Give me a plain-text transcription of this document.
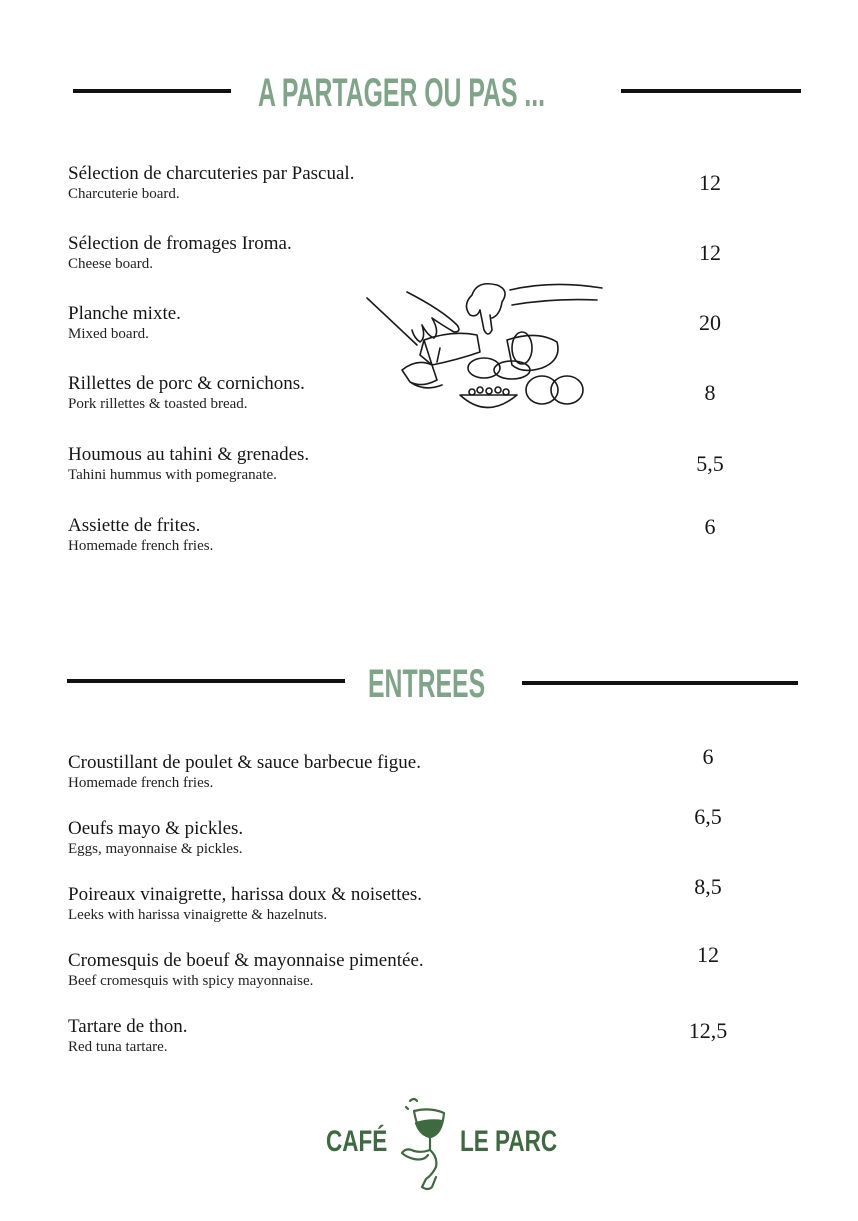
A PARTAGER OU PAS ...
Sélection de charcuteries par Pascual.
Charcuterie board.	12
Sélection de fromages Iroma.
Cheese board.	12
Planche mixte.
Mixed board.	20
Rillettes de porc & cornichons.
Pork rillettes & toasted bread.	8
Houmous au tahini & grenades.
Tahini hummus with pomegranate.	5,5
Assiette de frites.
Homemade french fries.
6
ENTREES
Croustillant de poulet & sauce barbecue figue.
Homemade french fries.
6
Oeufs mayo & pickles.
Eggs, mayonnaise & pickles.
6,5
Poireaux vinaigrette, harissa doux & noisettes.
Leeks with harissa vinaigrette & hazelnuts.
8,5
Cromesquis de boeuf & mayonnaise pimentée.
Beef cromesquis with spicy mayonnaise.
12
Tartare de thon.
Red tuna tartare.
12,5
CAFÉ LE PARC
